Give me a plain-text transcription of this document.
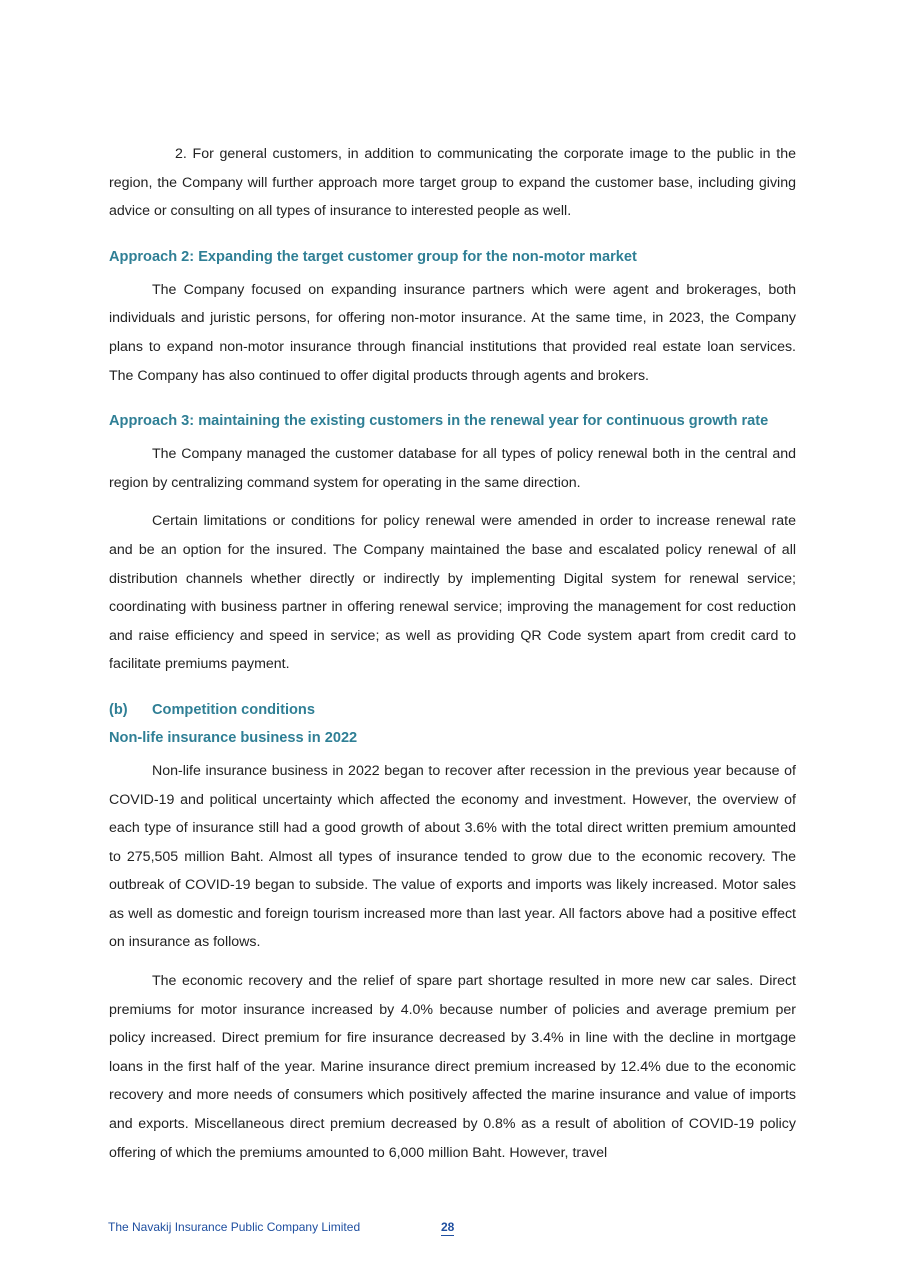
2. For general customers, in addition to communicating the corporate image to the public in the region, the Company will further approach more target group to expand the customer base, including giving advice or consulting on all types of insurance to interested people as well.

Approach 2: Expanding the target customer group for the non-motor market

The Company focused on expanding insurance partners which were agent and brokerages, both individuals and juristic persons, for offering non-motor insurance. At the same time, in 2023, the Company plans to expand non-motor insurance through financial institutions that provided real estate loan services. The Company has also continued to offer digital products through agents and brokers.

Approach 3: maintaining the existing customers in the renewal year for continuous growth rate

The Company managed the customer database for all types of policy renewal both in the central and region by centralizing command system for operating in the same direction.

Certain limitations or conditions for policy renewal were amended in order to increase renewal rate and be an option for the insured. The Company maintained the base and escalated policy renewal of all distribution channels whether directly or indirectly by implementing Digital system for renewal service; coordinating with business partner in offering renewal service; improving the management for cost reduction and raise efficiency and speed in service; as well as providing QR Code system apart from credit card to facilitate premiums payment.

(b)	Competition conditions
Non-life insurance business in 2022

Non-life insurance business in 2022 began to recover after recession in the previous year because of COVID-19 and political uncertainty which affected the economy and investment. However, the overview of each type of insurance still had a good growth of about 3.6% with the total direct written premium amounted to 275,505 million Baht. Almost all types of insurance tended to grow due to the economic recovery. The outbreak of COVID-19 began to subside. The value of exports and imports was likely increased. Motor sales as well as domestic and foreign tourism increased more than last year. All factors above had a positive effect on insurance as follows.

The economic recovery and the relief of spare part shortage resulted in more new car sales. Direct premiums for motor insurance increased by 4.0% because number of policies and average premium per policy increased. Direct premium for fire insurance decreased by 3.4% in line with the decline in mortgage loans in the first half of the year. Marine insurance direct premium increased by 12.4% due to the economic recovery and more needs of consumers which positively affected the marine insurance and value of imports and exports. Miscellaneous direct premium decreased by 0.8% as a result of abolition of COVID-19 policy offering of which the premiums amounted to 6,000 million Baht. However, travel

The Navakij Insurance Public Company Limited	28
